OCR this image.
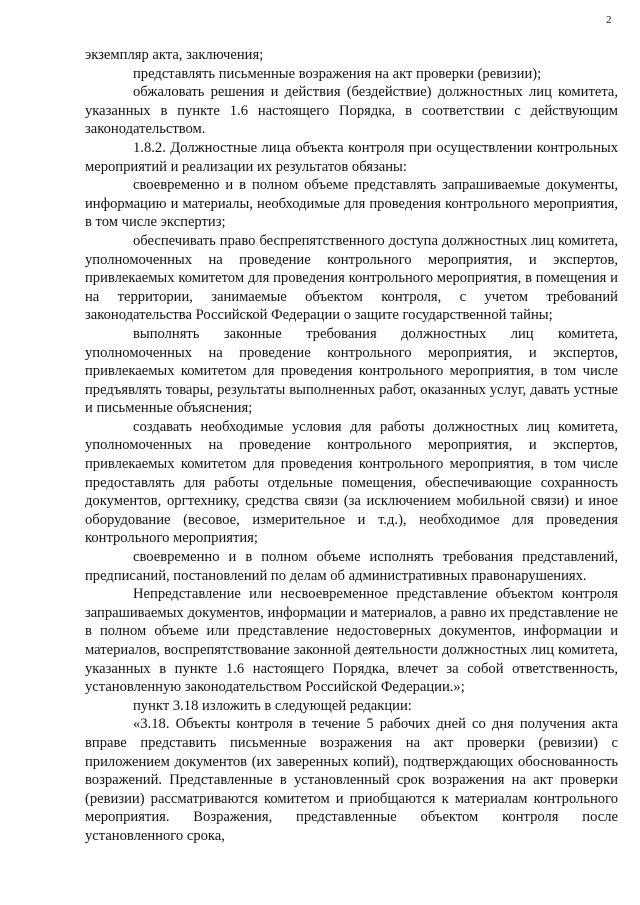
2

экземпляр акта, заключения;

представлять письменные возражения на акт проверки (ревизии);

обжаловать решения и действия (бездействие) должностных лиц комитета, указанных в пункте 1.6 настоящего Порядка, в соответствии с действующим законодательством.

1.8.2. Должностные лица объекта контроля при осуществлении контрольных мероприятий и реализации их результатов обязаны:

своевременно и в полном объеме представлять запрашиваемые документы, информацию и материалы, необходимые для проведения контрольного мероприятия, в том числе экспертиз;

обеспечивать право беспрепятственного доступа должностных лиц комитета, уполномоченных на проведение контрольного мероприятия, и экспертов, привлекаемых комитетом для проведения контрольного мероприятия, в помещения и на территории, занимаемые объектом контроля, с учетом требований законодательства Российской Федерации о защите государственной тайны;

выполнять законные требования должностных лиц комитета, уполномоченных на проведение контрольного мероприятия, и экспертов, привлекаемых комитетом для проведения контрольного мероприятия, в том числе предъявлять товары, результаты выполненных работ, оказанных услуг, давать устные и письменные объяснения;

создавать необходимые условия для работы должностных лиц комитета, уполномоченных на проведение контрольного мероприятия, и экспертов, привлекаемых комитетом для проведения контрольного мероприятия, в том числе предоставлять для работы отдельные помещения, обеспечивающие сохранность документов, оргтехнику, средства связи (за исключением мобильной связи) и иное оборудование (весовое, измерительное и т.д.), необходимое для проведения контрольного мероприятия;

своевременно и в полном объеме исполнять требования представлений, предписаний, постановлений по делам об административных правонарушениях.

Непредставление или несвоевременное представление объектом контроля запрашиваемых документов, информации и материалов, а равно их представление не в полном объеме или представление недостоверных документов, информации и материалов, воспрепятствование законной деятельности должностных лиц комитета, указанных в пункте 1.6 настоящего Порядка, влечет за собой ответственность, установленную законодательством Российской Федерации.»;

пункт 3.18 изложить в следующей редакции:

«3.18. Объекты контроля в течение 5 рабочих дней со дня получения акта вправе представить письменные возражения на акт проверки (ревизии) с приложением документов (их заверенных копий), подтверждающих обоснованность возражений. Представленные в установленный срок возражения на акт проверки (ревизии) рассматриваются комитетом и приобщаются к материалам контрольного мероприятия. Возражения, представленные объектом контроля после установленного срока,
